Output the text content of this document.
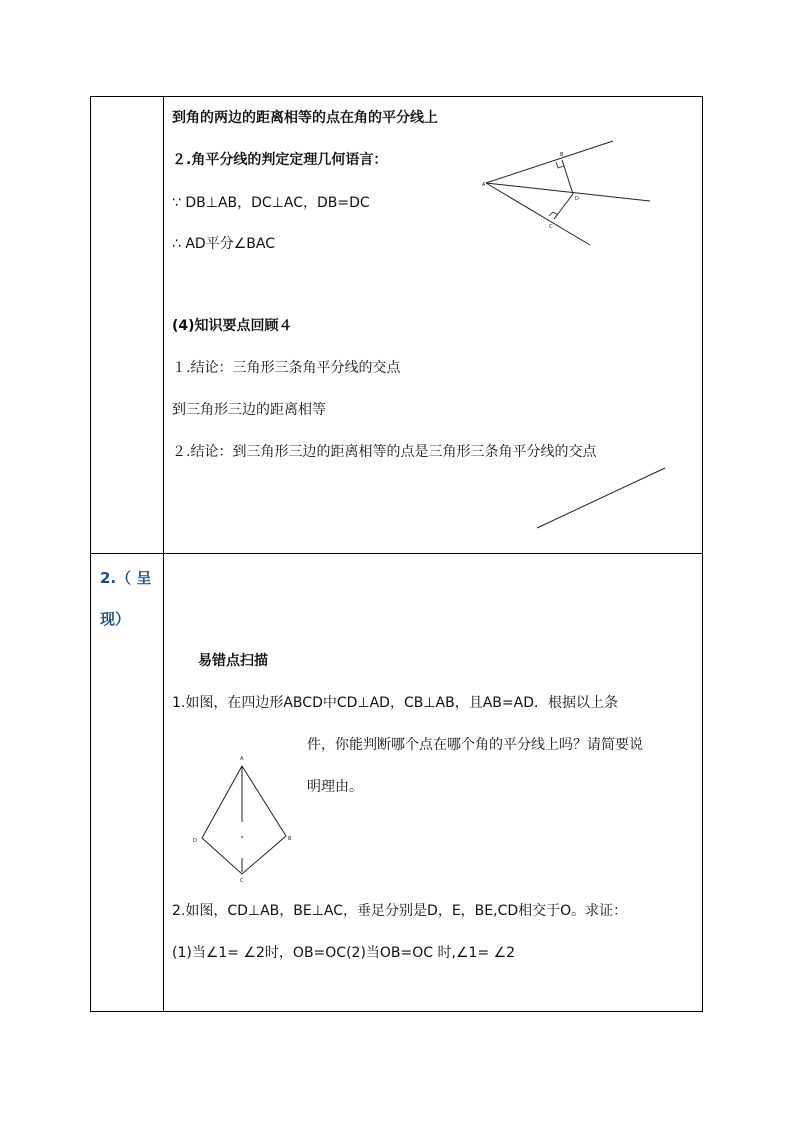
到角的两边的距离相等的点在角的平分线上
２.角平分线的判定定理几何语言：
∵ DB⊥AB，DC⊥AC，DB=DC
∴ AD平分∠BAC
(4)知识要点回顾４
１.结论：三角形三条角平分线的交点
到三角形三边的距离相等
２.结论：到三角形三边的距离相等的点是三角形三条角平分线的交点
A
B
D
C
2.（ 呈
现）
易错点扫描
1.如图，在四边形ABCD中CD⊥AD，CB⊥AB，且AB=AD．根据以上条
件，你能判断哪个点在哪个角的平分线上吗？请简要说
明理由。
2.如图，CD⊥AB，BE⊥AC，垂足分别是D，E，BE,CD相交于O。求证：
(1)当∠1= ∠2时，OB=OC(2)当OB=OC 时,∠1= ∠2
A
B
C
D
